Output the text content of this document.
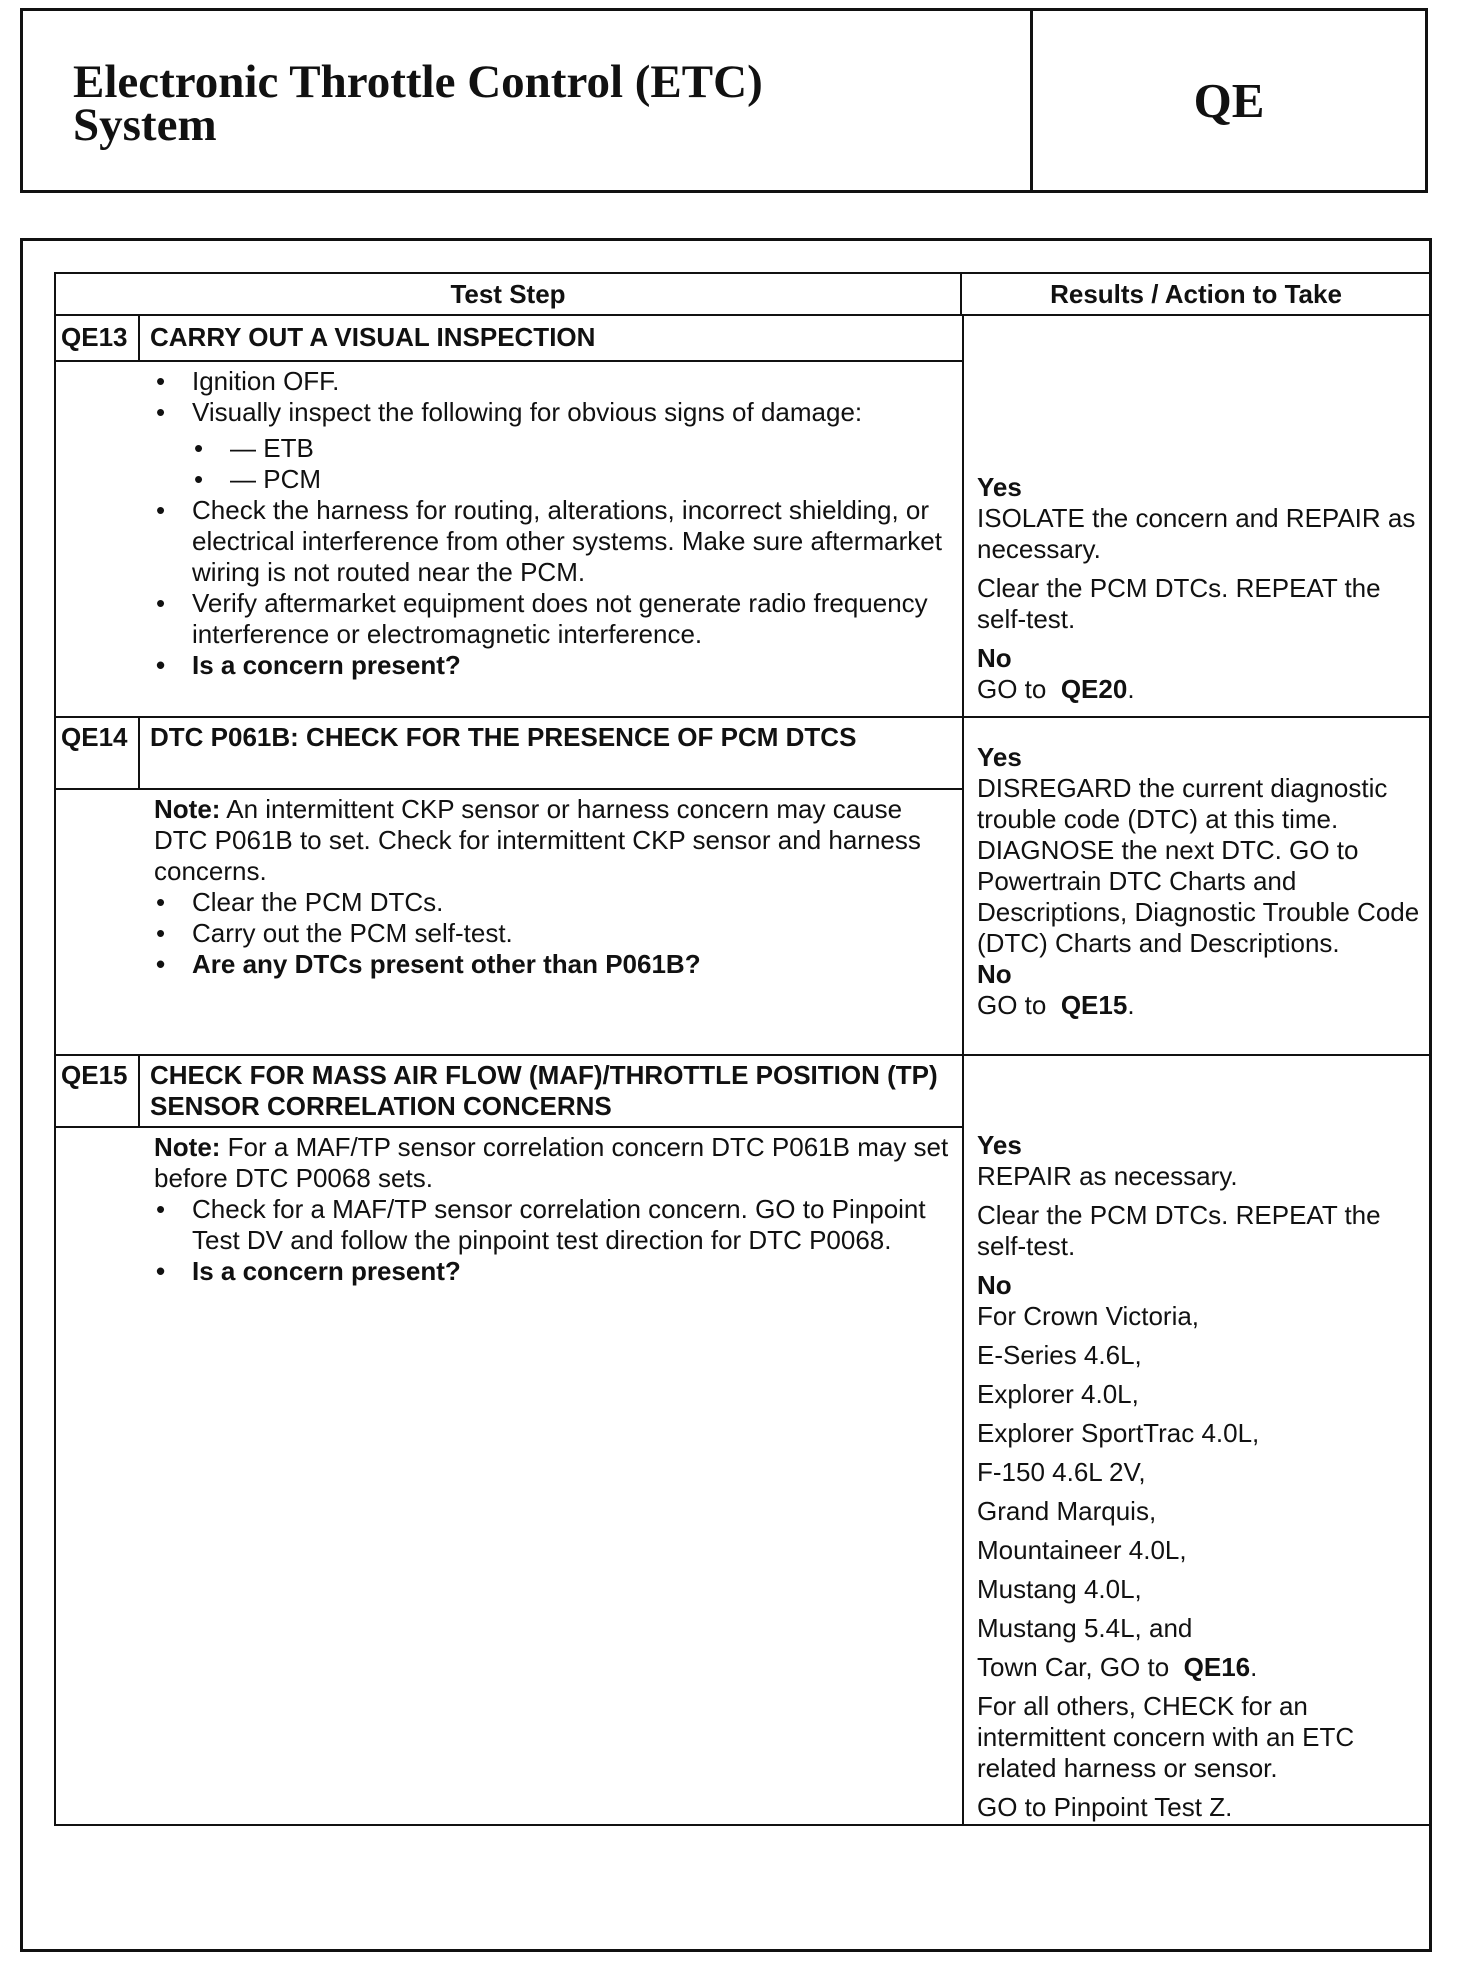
Electronic Throttle Control (ETC)
System	QE
Test Step	Results / Action to Take
QE13 CARRY OUT A VISUAL INSPECTION
• Ignition OFF.
• Visually inspect the following for obvious signs of damage:
• — ETB
• — PCM
• Check the harness for routing, alterations, incorrect shielding, or electrical interference from other systems. Make sure aftermarket wiring is not routed near the PCM.
• Verify aftermarket equipment does not generate radio frequency interference or electromagnetic interference.
• Is a concern present?

Yes

ISOLATE the concern and REPAIR as necessary.

Clear the PCM DTCs. REPEAT the self-test.

No

GO to QE20.

QE14 DTC P061B: CHECK FOR THE PRESENCE OF PCM DTCS

Note: An intermittent CKP sensor or harness concern may cause DTC P061B to set. Check for intermittent CKP sensor and harness concerns.

• Clear the PCM DTCs.
• Carry out the PCM self-test.
• Are any DTCs present other than P061B?

Yes

DISREGARD the current diagnostic trouble code (DTC) at this time. DIAGNOSE the next DTC. GO to Powertrain DTC Charts and Descriptions, Diagnostic Trouble Code (DTC) Charts and Descriptions.

No

GO to QE15.

QE15 CHECK FOR MASS AIR FLOW (MAF)/THROTTLE POSITION (TP) SENSOR CORRELATION CONCERNS

Note: For a MAF/TP sensor correlation concern DTC P061B may set before DTC P0068 sets.

• Check for a MAF/TP sensor correlation concern. GO to Pinpoint Test DV and follow the pinpoint test direction for DTC P0068.
• Is a concern present?

Yes

REPAIR as necessary.

Clear the PCM DTCs. REPEAT the self-test.

No

For Crown Victoria,

E-Series 4.6L,

Explorer 4.0L,

Explorer SportTrac 4.0L,

F-150 4.6L 2V,

Grand Marquis,

Mountaineer 4.0L,

Mustang 4.0L,

Mustang 5.4L, and

Town Car, GO to QE16.

For all others, CHECK for an intermittent concern with an ETC related harness or sensor.

GO to Pinpoint Test Z.
